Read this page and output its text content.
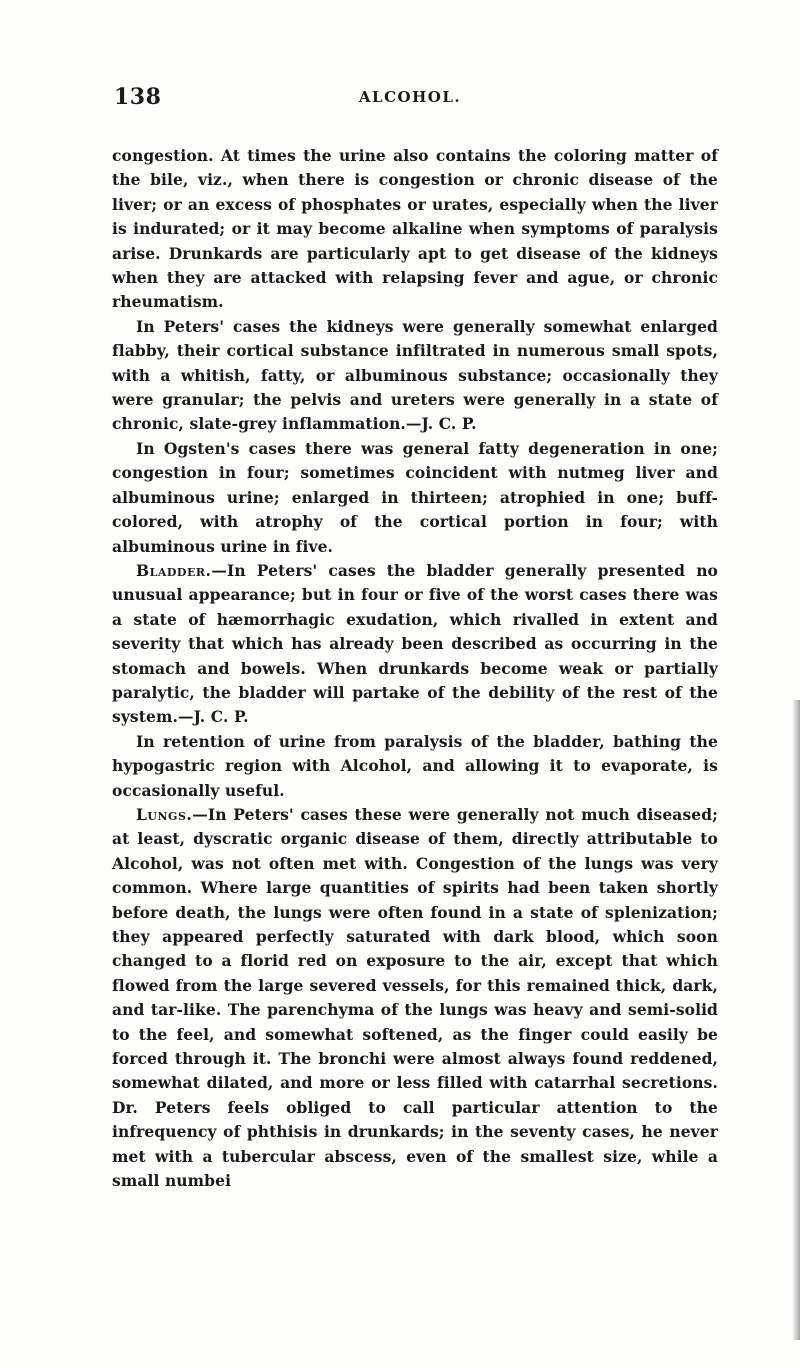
138	ALCOHOL.

congestion. At times the urine also contains the coloring matter of the bile, viz., when there is congestion or chronic disease of the liver; or an excess of phosphates or urates, especially when the liver is indurated; or it may become alkaline when symptoms of paralysis arise. Drunkards are particularly apt to get disease of the kidneys when they are attacked with relapsing fever and ague, or chronic rheumatism.

In Peters' cases the kidneys were generally somewhat enlarged flabby, their cortical substance infiltrated in numerous small spots, with a whitish, fatty, or albuminous substance; occasionally they were granular; the pelvis and ureters were generally in a state of chronic, slate-grey inflammation.—J. C. P.

In Ogsten's cases there was general fatty degeneration in one; congestion in four; sometimes coincident with nutmeg liver and albuminous urine; enlarged in thirteen; atrophied in one; buff-colored, with atrophy of the cortical portion in four; with albuminous urine in five.

Bladder.—In Peters' cases the bladder generally presented no unusual appearance; but in four or five of the worst cases there was a state of hæmorrhagic exudation, which rivalled in extent and severity that which has already been described as occurring in the stomach and bowels. When drunkards become weak or partially paralytic, the bladder will partake of the debility of the rest of the system.—J. C. P.

In retention of urine from paralysis of the bladder, bathing the hypogastric region with Alcohol, and allowing it to evaporate, is occasionally useful.

Lungs.—In Peters' cases these were generally not much diseased; at least, dyscratic organic disease of them, directly attributable to Alcohol, was not often met with. Congestion of the lungs was very common. Where large quantities of spirits had been taken shortly before death, the lungs were often found in a state of splenization; they appeared perfectly saturated with dark blood, which soon changed to a florid red on exposure to the air, except that which flowed from the large severed vessels, for this remained thick, dark, and tar-like. The parenchyma of the lungs was heavy and semi-solid to the feel, and somewhat softened, as the finger could easily be forced through it. The bronchi were almost always found reddened, somewhat dilated, and more or less filled with catarrhal secretions. Dr. Peters feels obliged to call particular attention to the infrequency of phthisis in drunkards; in the seventy cases, he never met with a tubercular abscess, even of the smallest size, while a small numbei
